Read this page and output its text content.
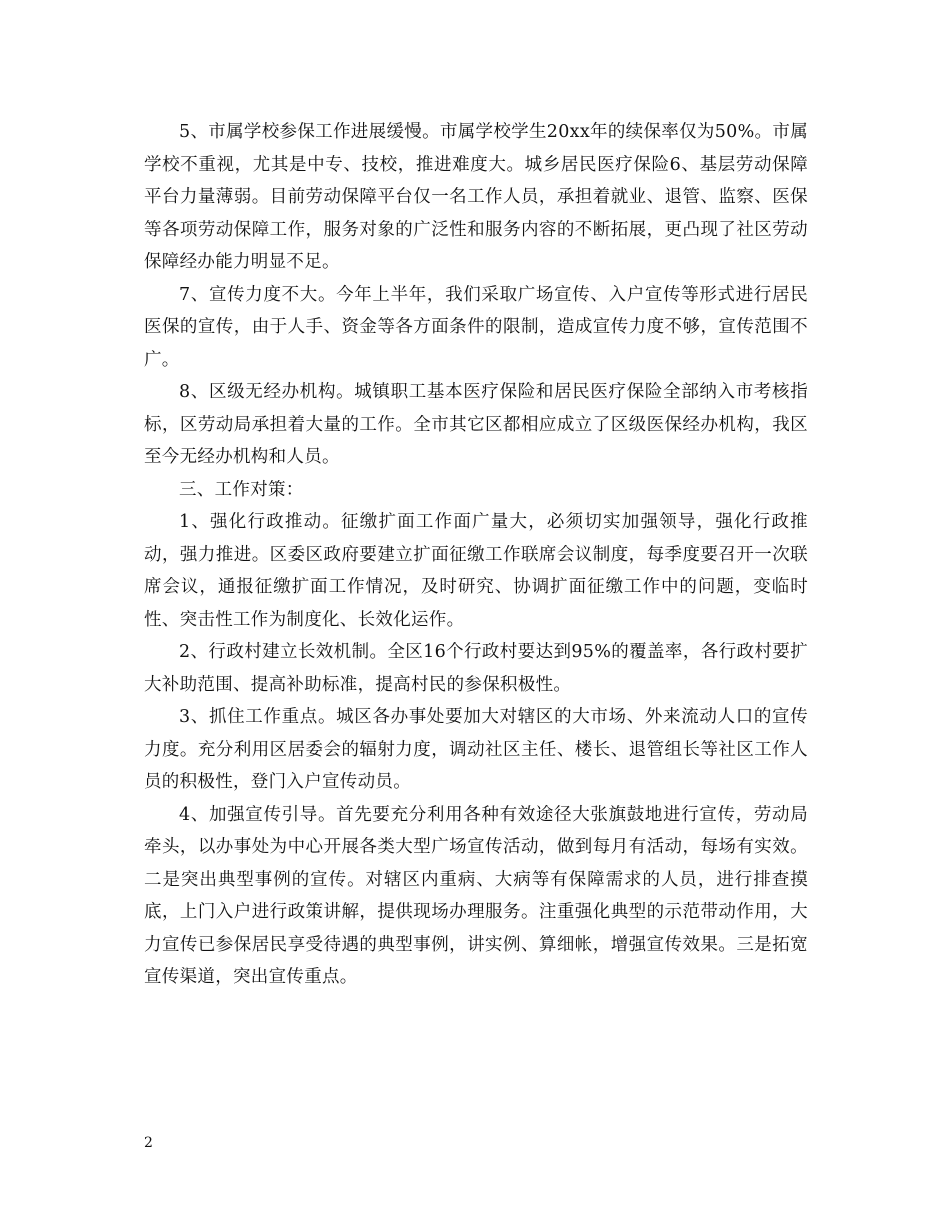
5、市属学校参保工作进展缓慢。市属学校学生20xx年的续保率仅为50%。市属学校不重视，尤其是中专、技校，推进难度大。城乡居民医疗保险6、基层劳动保障平台力量薄弱。目前劳动保障平台仅一名工作人员，承担着就业、退管、监察、医保等各项劳动保障工作，服务对象的广泛性和服务内容的不断拓展，更凸现了社区劳动保障经办能力明显不足。

7、宣传力度不大。今年上半年，我们采取广场宣传、入户宣传等形式进行居民医保的宣传，由于人手、资金等各方面条件的限制，造成宣传力度不够，宣传范围不广。

8、区级无经办机构。城镇职工基本医疗保险和居民医疗保险全部纳入市考核指标，区劳动局承担着大量的工作。全市其它区都相应成立了区级医保经办机构，我区至今无经办机构和人员。

三、工作对策：

1、强化行政推动。征缴扩面工作面广量大，必须切实加强领导，强化行政推动，强力推进。区委区政府要建立扩面征缴工作联席会议制度，每季度要召开一次联席会议，通报征缴扩面工作情况，及时研究、协调扩面征缴工作中的问题，变临时性、突击性工作为制度化、长效化运作。

2、行政村建立长效机制。全区16个行政村要达到95%的覆盖率，各行政村要扩大补助范围、提高补助标准，提高村民的参保积极性。

3、抓住工作重点。城区各办事处要加大对辖区的大市场、外来流动人口的宣传力度。充分利用区居委会的辐射力度，调动社区主任、楼长、退管组长等社区工作人员的积极性，登门入户宣传动员。

4、加强宣传引导。首先要充分利用各种有效途径大张旗鼓地进行宣传，劳动局牵头，以办事处为中心开展各类大型广场宣传活动，做到每月有活动，每场有实效。二是突出典型事例的宣传。对辖区内重病、大病等有保障需求的人员，进行排查摸底，上门入户进行政策讲解，提供现场办理服务。注重强化典型的示范带动作用，大力宣传已参保居民享受待遇的典型事例，讲实例、算细帐，增强宣传效果。三是拓宽宣传渠道，突出宣传重点。

2
